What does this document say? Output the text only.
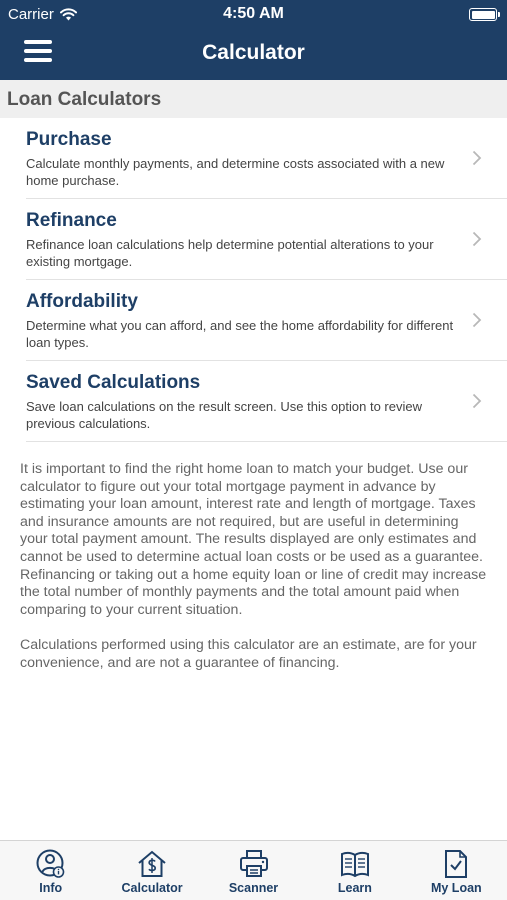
Carrier	4:50 AM
Calculator
Loan Calculators
Purchase
Calculate monthly payments, and determine costs associated with a new home purchase.
Refinance
Refinance loan calculations help determine potential alterations to your existing mortgage.
Affordability
Determine what you can afford, and see the home affordability for different loan types.
Saved Calculations
Save loan calculations on the result screen. Use this option to review previous calculations.

It is important to find the right home loan to match your budget. Use our calculator to figure out your total mortgage payment in advance by estimating your loan amount, interest rate and length of mortgage. Taxes and insurance amounts are not required, but are useful in determining your total payment amount. The results displayed are only estimates and cannot be used to determine actual loan costs or be used as a guarantee. Refinancing or taking out a home equity loan or line of credit may increase the total number of monthly payments and the total amount paid when comparing to your current situation.

Calculations performed using this calculator are an estimate, are for your convenience, and are not a guarantee of financing.

Info	Calculator	Scanner	Learn	My Loan
